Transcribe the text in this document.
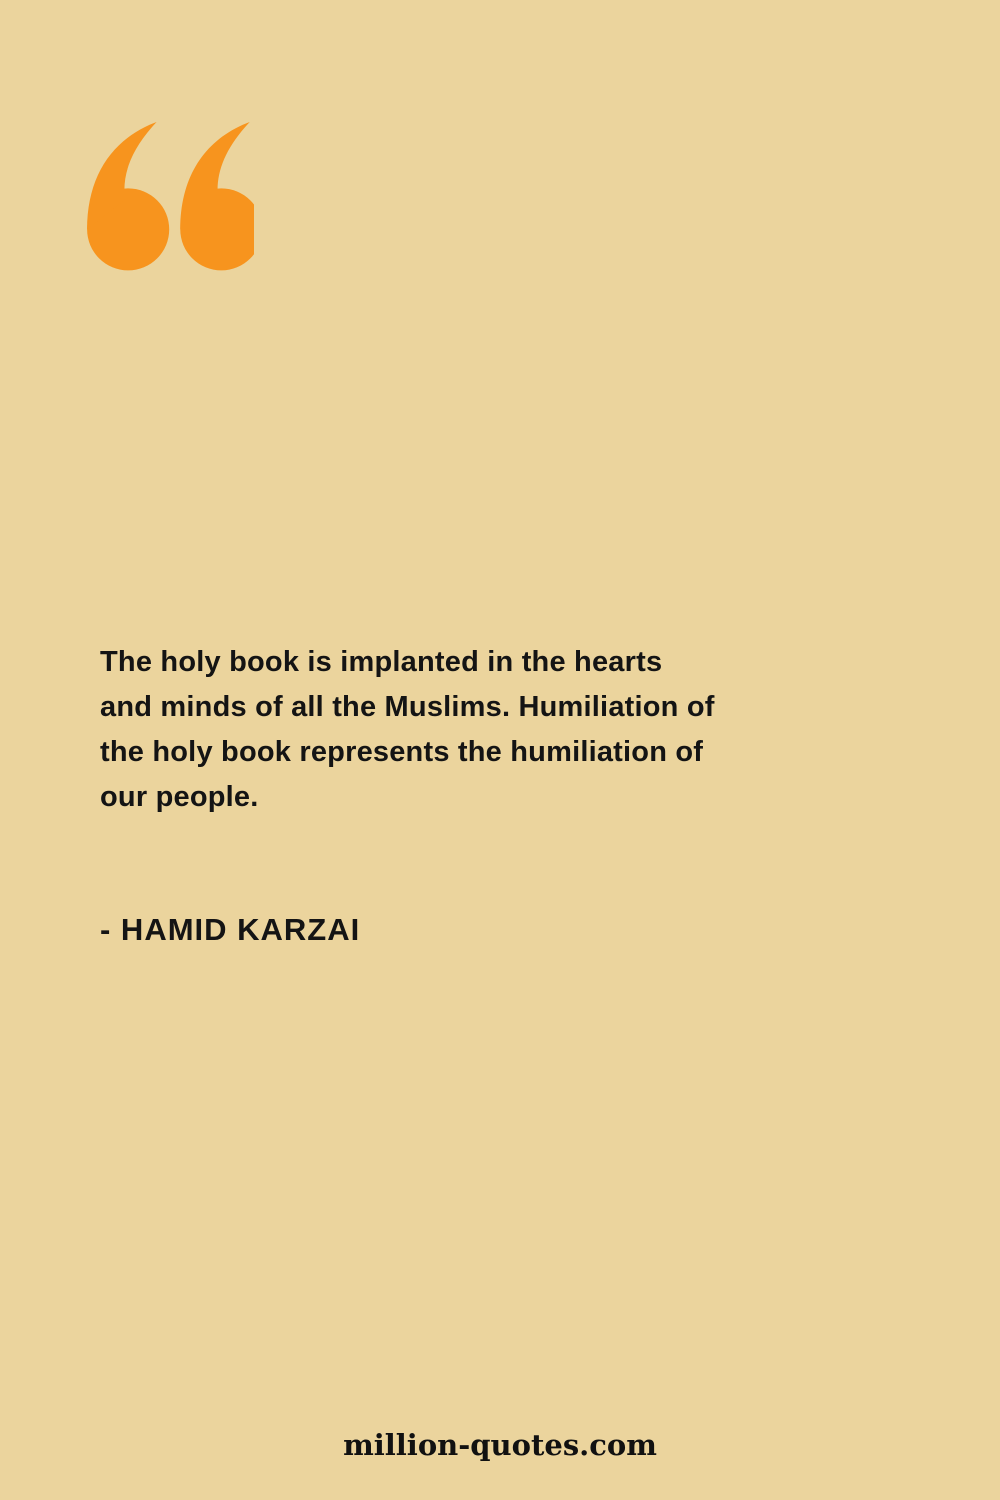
The holy book is implanted in the hearts
and minds of all the Muslims. Humiliation of
the holy book represents the humiliation of
our people.
- HAMID KARZAI
million-quotes.com
